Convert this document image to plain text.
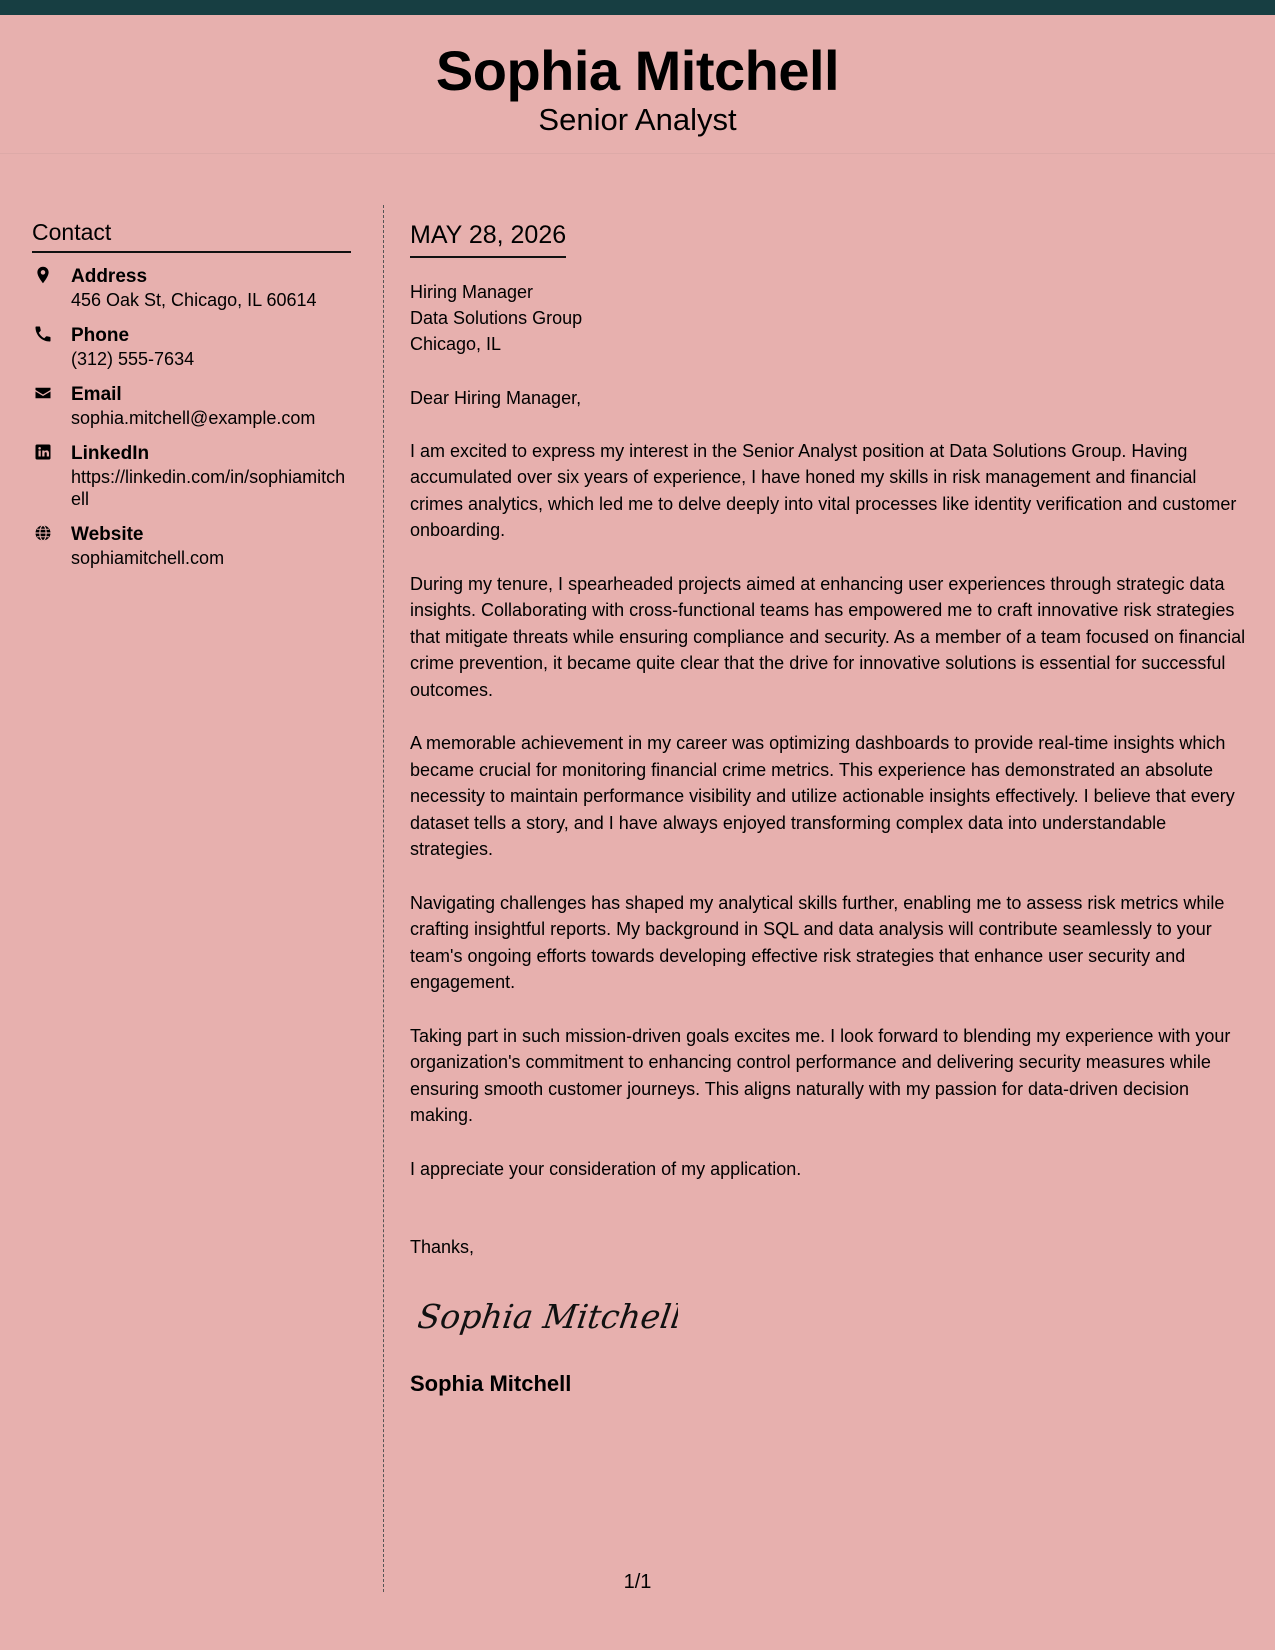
Sophia Mitchell
Senior Analyst
Contact
Address
456 Oak St, Chicago, IL 60614
Phone
(312) 555-7634
Email
sophia.mitchell@example.com
LinkedIn
https://linkedin.com/in/sophiamitchell
Website
sophiamitchell.com
MAY 28, 2026
Hiring Manager
Data Solutions Group
Chicago, IL
Dear Hiring Manager,
I am excited to express my interest in the Senior Analyst position at Data Solutions Group. Having accumulated over six years of experience, I have honed my skills in risk management and financial crimes analytics, which led me to delve deeply into vital processes like identity verification and customer onboarding.
During my tenure, I spearheaded projects aimed at enhancing user experiences through strategic data insights. Collaborating with cross-functional teams has empowered me to craft innovative risk strategies that mitigate threats while ensuring compliance and security. As a member of a team focused on financial crime prevention, it became quite clear that the drive for innovative solutions is essential for successful outcomes.
A memorable achievement in my career was optimizing dashboards to provide real-time insights which became crucial for monitoring financial crime metrics. This experience has demonstrated an absolute necessity to maintain performance visibility and utilize actionable insights effectively. I believe that every dataset tells a story, and I have always enjoyed transforming complex data into understandable strategies.
Navigating challenges has shaped my analytical skills further, enabling me to assess risk metrics while crafting insightful reports. My background in SQL and data analysis will contribute seamlessly to your team's ongoing efforts towards developing effective risk strategies that enhance user security and engagement.
Taking part in such mission-driven goals excites me. I look forward to blending my experience with your organization's commitment to enhancing control performance and delivering security measures while ensuring smooth customer journeys. This aligns naturally with my passion for data-driven decision making.
I appreciate your consideration of my application.
Thanks,
Sophia Mitchell
Sophia Mitchell
1/1
